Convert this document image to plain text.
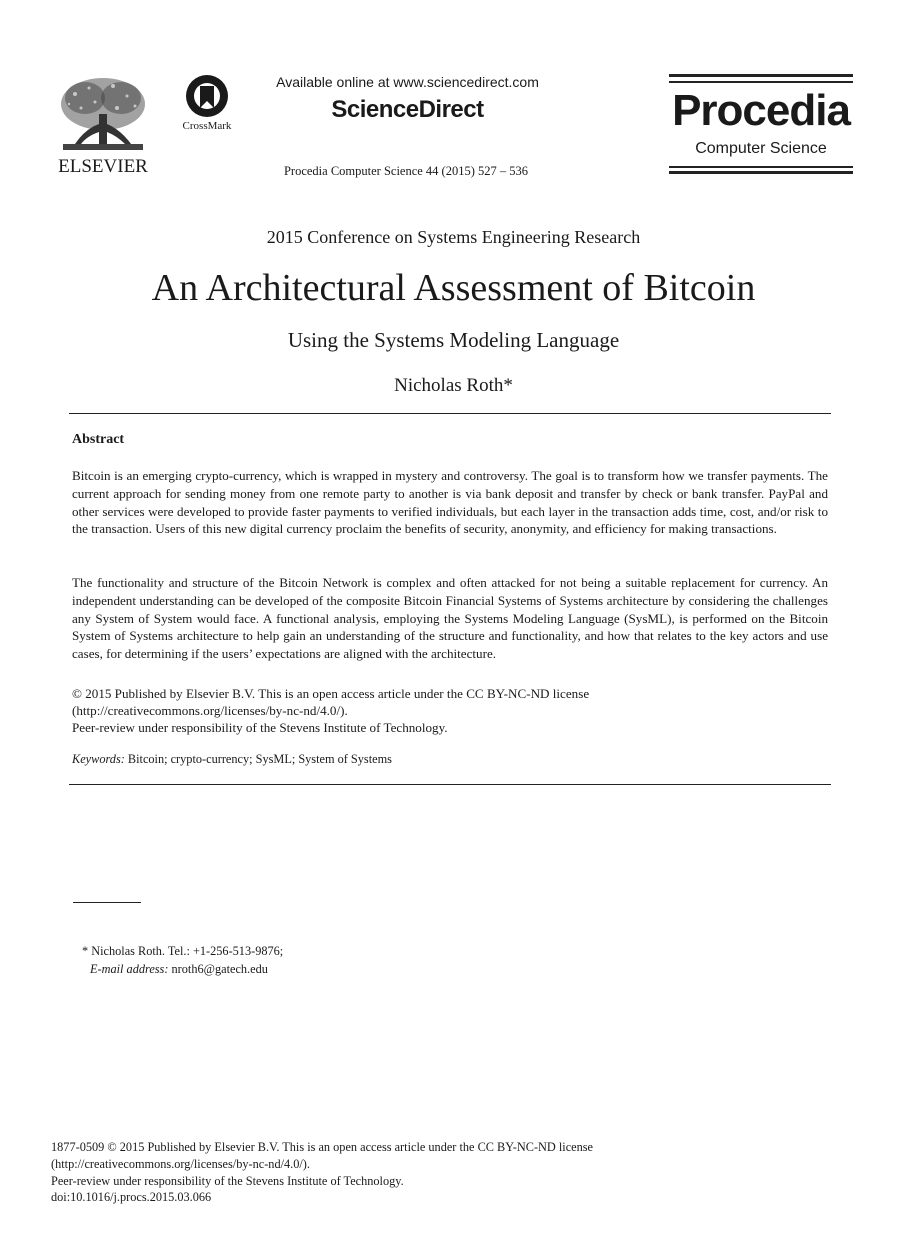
ELSEVIER
CrossMark
Available online at www.sciencedirect.com
ScienceDirect
Procedia Computer Science 44 (2015) 527 – 536
Procedia
Computer Science
2015 Conference on Systems Engineering Research
An Architectural Assessment of Bitcoin
Using the Systems Modeling Language
Nicholas Roth*
Abstract
Bitcoin is an emerging crypto-currency, which is wrapped in mystery and controversy. The goal is to transform how we transfer payments. The current approach for sending money from one remote party to another is via bank deposit and transfer by check or bank transfer. PayPal and other services were developed to provide faster payments to verified individuals, but each layer in the transaction adds time, cost, and/or risk to the transaction. Users of this new digital currency proclaim the benefits of security, anonymity, and efficiency for making transactions.
The functionality and structure of the Bitcoin Network is complex and often attacked for not being a suitable replacement for currency. An independent understanding can be developed of the composite Bitcoin Financial Systems of Systems architecture by considering the challenges any System of System would face. A functional analysis, employing the Systems Modeling Language (SysML), is performed on the Bitcoin System of Systems architecture to help gain an understanding of the structure and functionality, and how that relates to the key actors and use cases, for determining if the users’ expectations are aligned with the architecture.
© 2015 Published by Elsevier B.V. This is an open access article under the CC BY-NC-ND license
(http://creativecommons.org/licenses/by-nc-nd/4.0/).
Peer-review under responsibility of the Stevens Institute of Technology.
Keywords: Bitcoin; crypto-currency; SysML; System of Systems
* Nicholas Roth. Tel.: +1-256-513-9876;
E-mail address: nroth6@gatech.edu
1877-0509 © 2015 Published by Elsevier B.V. This is an open access article under the CC BY-NC-ND license
(http://creativecommons.org/licenses/by-nc-nd/4.0/).
Peer-review under responsibility of the Stevens Institute of Technology.
doi:10.1016/j.procs.2015.03.066
